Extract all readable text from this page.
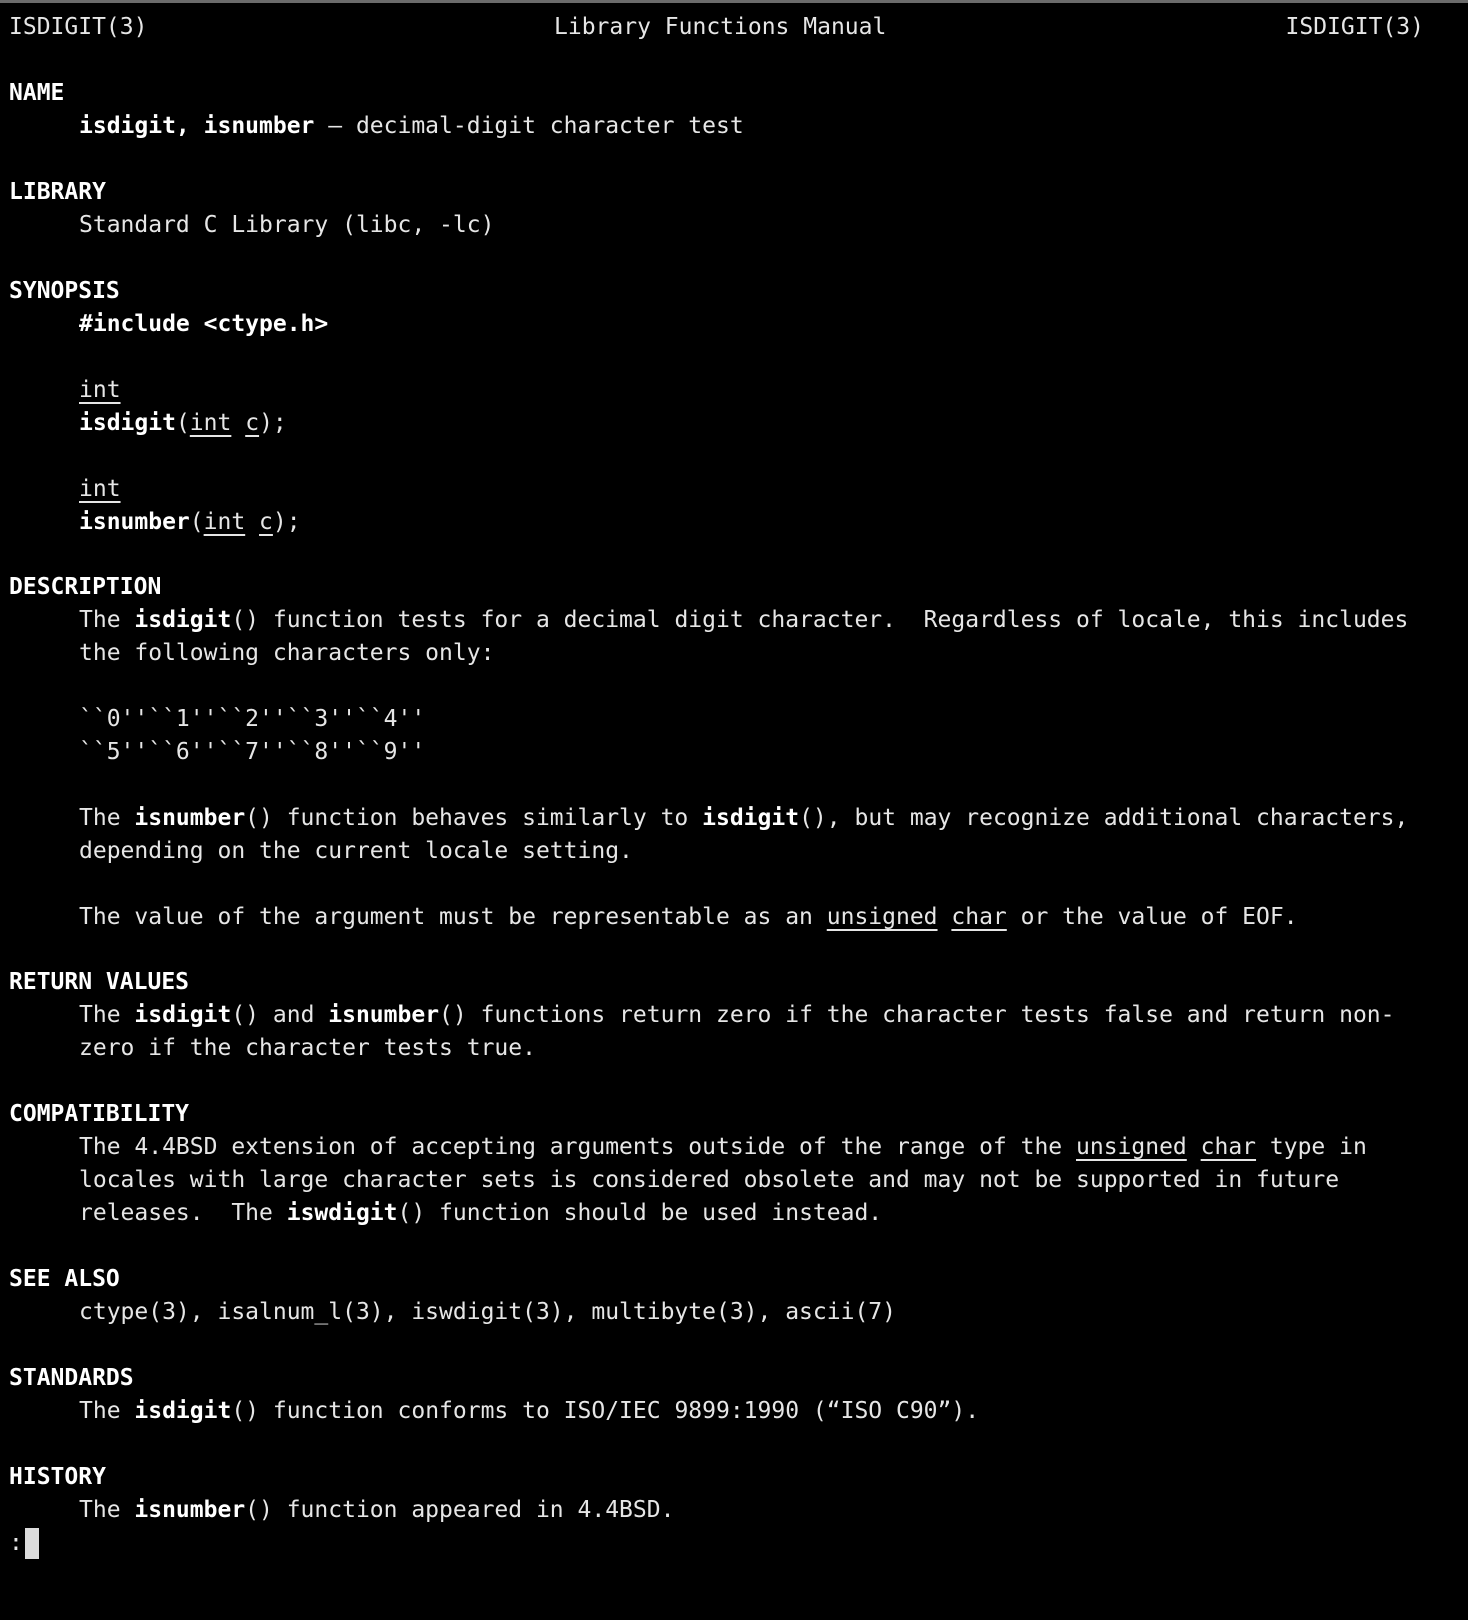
ISDIGIT(3)	Library Functions Manual	ISDIGIT(3)
NAME
isdigit, isnumber – decimal-digit character test
LIBRARY
Standard C Library (libc, -lc)
SYNOPSIS
#include <ctype.h>
int
isdigit(int c);
int
isnumber(int c);
DESCRIPTION
The isdigit() function tests for a decimal digit character.  Regardless of locale, this includes
the following characters only:
``0''``1''``2''``3''``4''
``5''``6''``7''``8''``9''
The isnumber() function behaves similarly to isdigit(), but may recognize additional characters,
depending on the current locale setting.
The value of the argument must be representable as an unsigned char or the value of EOF.
RETURN VALUES
The isdigit() and isnumber() functions return zero if the character tests false and return non-
zero if the character tests true.
COMPATIBILITY
The 4.4BSD extension of accepting arguments outside of the range of the unsigned char type in
locales with large character sets is considered obsolete and may not be supported in future
releases.  The iswdigit() function should be used instead.
SEE ALSO
ctype(3), isalnum_l(3), iswdigit(3), multibyte(3), ascii(7)
STANDARDS
The isdigit() function conforms to ISO/IEC 9899:1990 (“ISO C90”).
HISTORY
The isnumber() function appeared in 4.4BSD.
:
